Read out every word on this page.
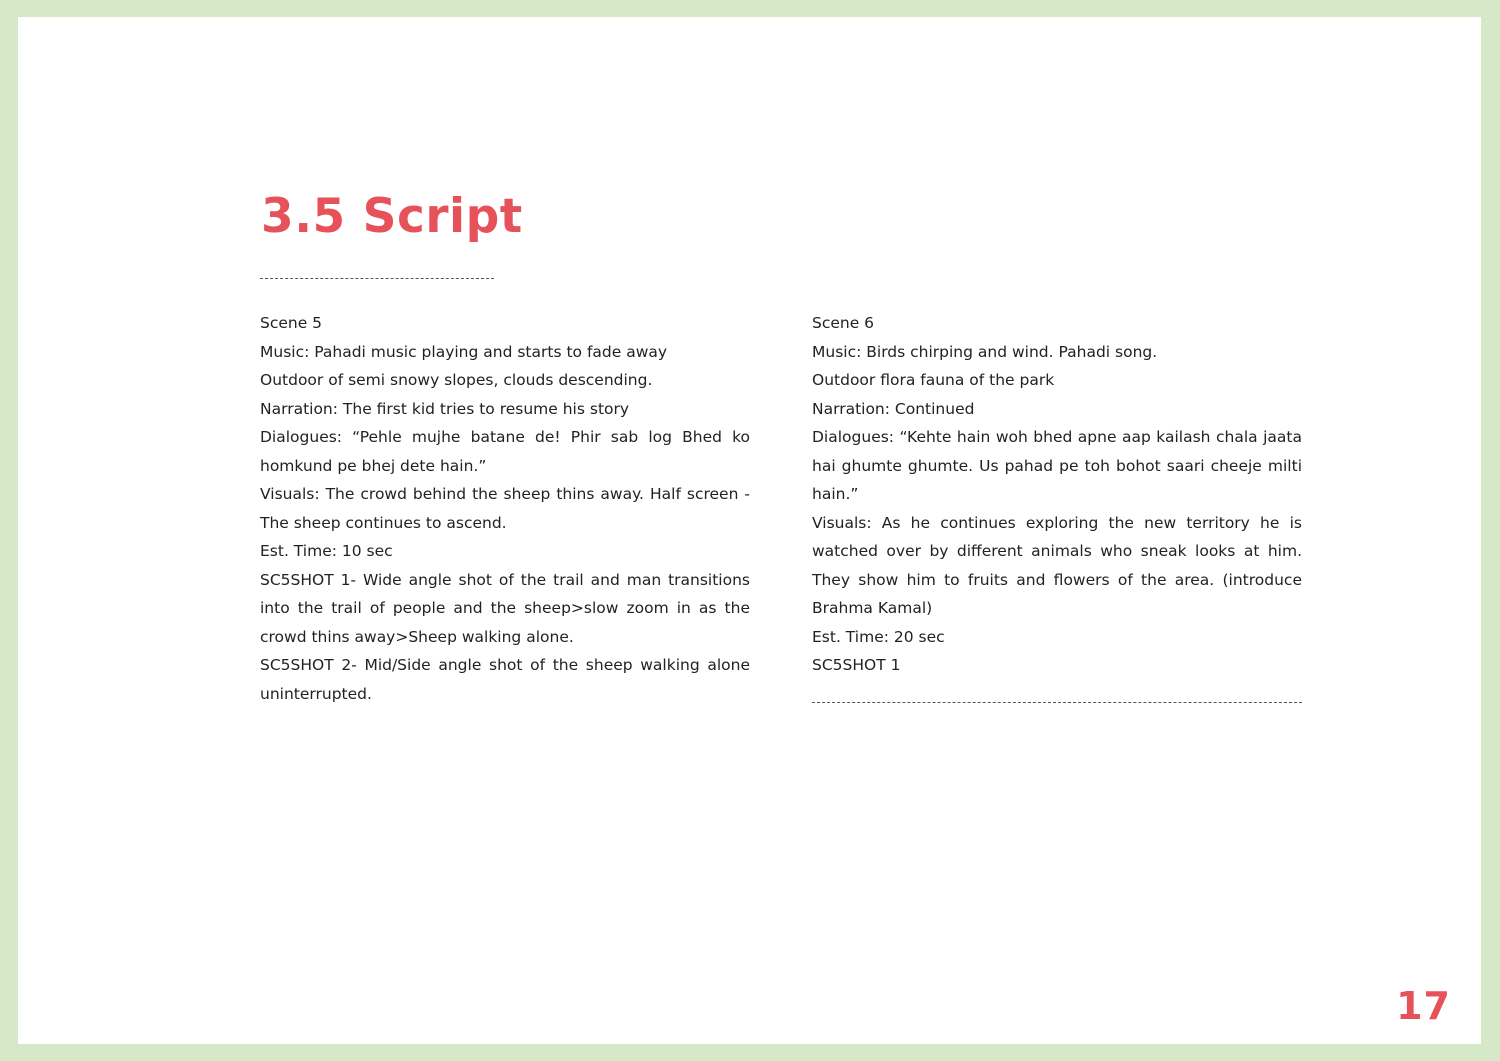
3.5 Script

Scene 5

Music: Pahadi music playing and starts to fade away

Outdoor of semi snowy slopes, clouds descending.

Narration: The first kid tries to resume his story

Dialogues: “Pehle mujhe batane de! Phir sab log Bhed ko homkund pe bhej dete hain.”

Visuals: The crowd behind the sheep thins away. Half screen - The sheep continues to ascend.

Est. Time: 10 sec

SC5SHOT 1- Wide angle shot of the trail and man transitions into the trail of people and the sheep>slow zoom in as the crowd thins away>Sheep walking alone.

SC5SHOT 2- Mid/Side angle shot of the sheep walking alone uninterrupted.

Scene 6

Music: Birds chirping and wind. Pahadi song.

Outdoor flora fauna of the park

Narration: Continued

Dialogues: “Kehte hain woh bhed apne aap kailash chala jaata hai ghumte ghumte. Us pahad pe toh bohot saari cheeje milti hain.”

Visuals: As he continues exploring the new territory he is watched over by different animals who sneak looks at him. They show him to fruits and flowers of the area. (introduce Brahma Kamal)

Est. Time: 20 sec

SC5SHOT 1

17
